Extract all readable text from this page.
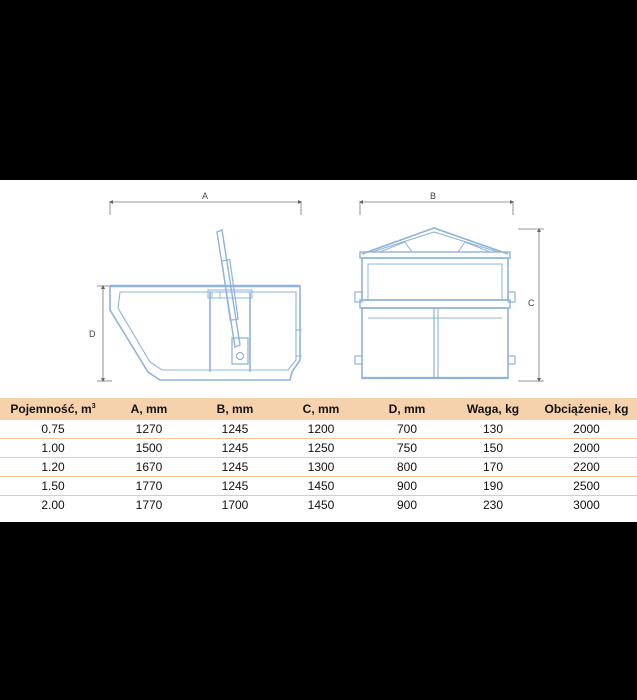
A
D
B
C
Pojemność, $m^3$	A, mm	B, mm	C, mm	D, mm	Waga, kg	Obciążenie, kg
0.75	1270	1245	1200	700	130	2000
1.00	1500	1245	1250	750	150	2000
1.20	1670	1245	1300	800	170	2200
1.50	1770	1245	1450	900	190	2500
2.00	1770	1700	1450	900	230	3000
